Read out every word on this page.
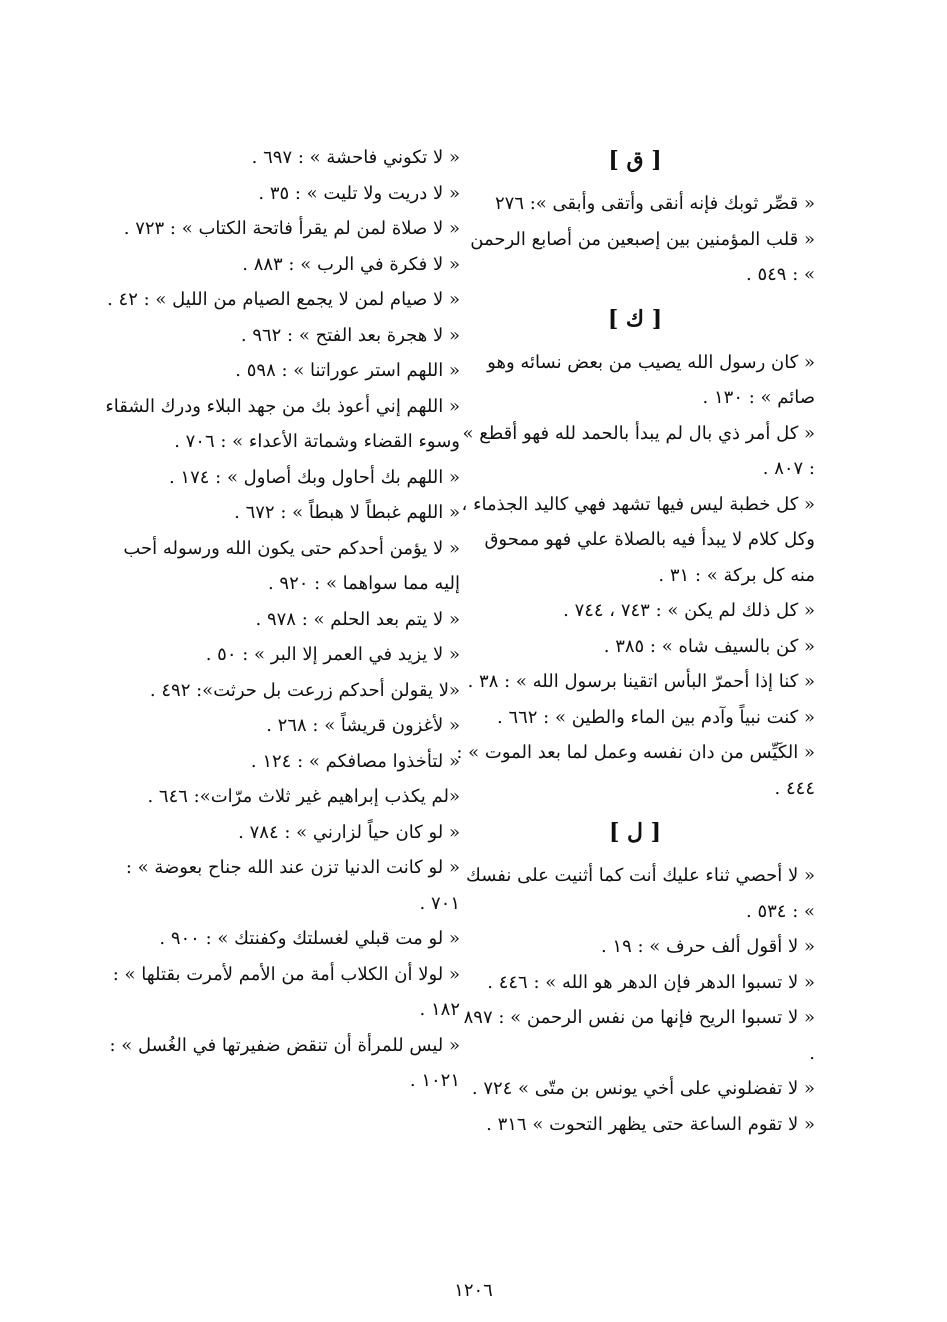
[ ق ]

« قصِّر ثوبك فإنه أنقى وأتقى وأبقى »: ٢٧٦

« قلب المؤمنين بين إصبعين من أصابع الرحمن » : ٥٤٩ .

[ ك ]

« كان رسول الله يصيب من بعض نسائه وهو صائم » : ١٣٠ .

« كل أمر ذي بال لم يبدأ بالحمد لله فهو أقطع » : ٨٠٧ .

« كل خطبة ليس فيها تشهد فهي كاليد الجذماء ، وكل كلام لا يبدأ فيه بالصلاة علي فهو ممحوق منه كل بركة » : ٣١ .

« كل ذلك لم يكن » : ٧٤٣ ، ٧٤٤ .

« كن بالسيف شاه » : ٣٨٥ .

« كنا إذا أحمرّ البأس اتقينا برسول الله » : ٣٨ .

« كنت نبياً وآدم بين الماء والطين » : ٦٦٢ .

« الكَيِّس من دان نفسه وعمل لما بعد الموت » : ٤٤٤ .

[ ل ]

« لا أحصي ثناء عليك أنت كما أثنيت على نفسك » : ٥٣٤ .

« لا أقول ألف حرف » : ١٩ .

« لا تسبوا الدهر فإن الدهر هو الله » : ٤٤٦ .

« لا تسبوا الريح فإنها من نفس الرحمن » : ٨٩٧ .

« لا تفضلوني على أخي يونس بن متّى » ٧٢٤ .

« لا تقوم الساعة حتى يظهر التحوت » ٣١٦ .

« لا تكوني فاحشة » : ٦٩٧ .

« لا دريت ولا تليت » : ٣٥ .

« لا صلاة لمن لم يقرأ فاتحة الكتاب » : ٧٢٣ .

« لا فكرة في الرب » : ٨٨٣ .

« لا صيام لمن لا يجمع الصيام من الليل » : ٤٢ .

« لا هجرة بعد الفتح » : ٩٦٢ .

« اللهم استر عوراتنا » : ٥٩٨ .

« اللهم إني أعوذ بك من جهد البلاء ودرك الشقاء وسوء القضاء وشماتة الأعداء » : ٧٠٦ .

« اللهم بك أحاول وبك أصاول » : ١٧٤ .

« اللهم غبطاً لا هبطاً » : ٦٧٢ .

« لا يؤمن أحدكم حتى يكون الله ورسوله أحب إليه مما سواهما » : ٩٢٠ .

« لا يتم بعد الحلم » : ٩٧٨ .

« لا يزيد في العمر إلا البر » : ٥٠ .

«لا يقولن أحدكم زرعت بل حرثت»: ٤٩٢ .

« لأغزون قريشاً » : ٢٦٨ .

« لتأخذوا مصافكم » : ١٢٤ .

«لم يكذب إبراهيم غير ثلاث مرّات»: ٦٤٦ .

« لو كان حياً لزارني » : ٧٨٤ .

« لو كانت الدنيا تزن عند الله جناح بعوضة » : ٧٠١ .

« لو مت قبلي لغسلتك وكفنتك » : ٩٠٠ .

« لولا أن الكلاب أمة من الأمم لأمرت بقتلها » : ١٨٢ .

« ليس للمرأة أن تنقض ضفيرتها في الغُسل » : ١٠٢١ .

١٢٠٦
